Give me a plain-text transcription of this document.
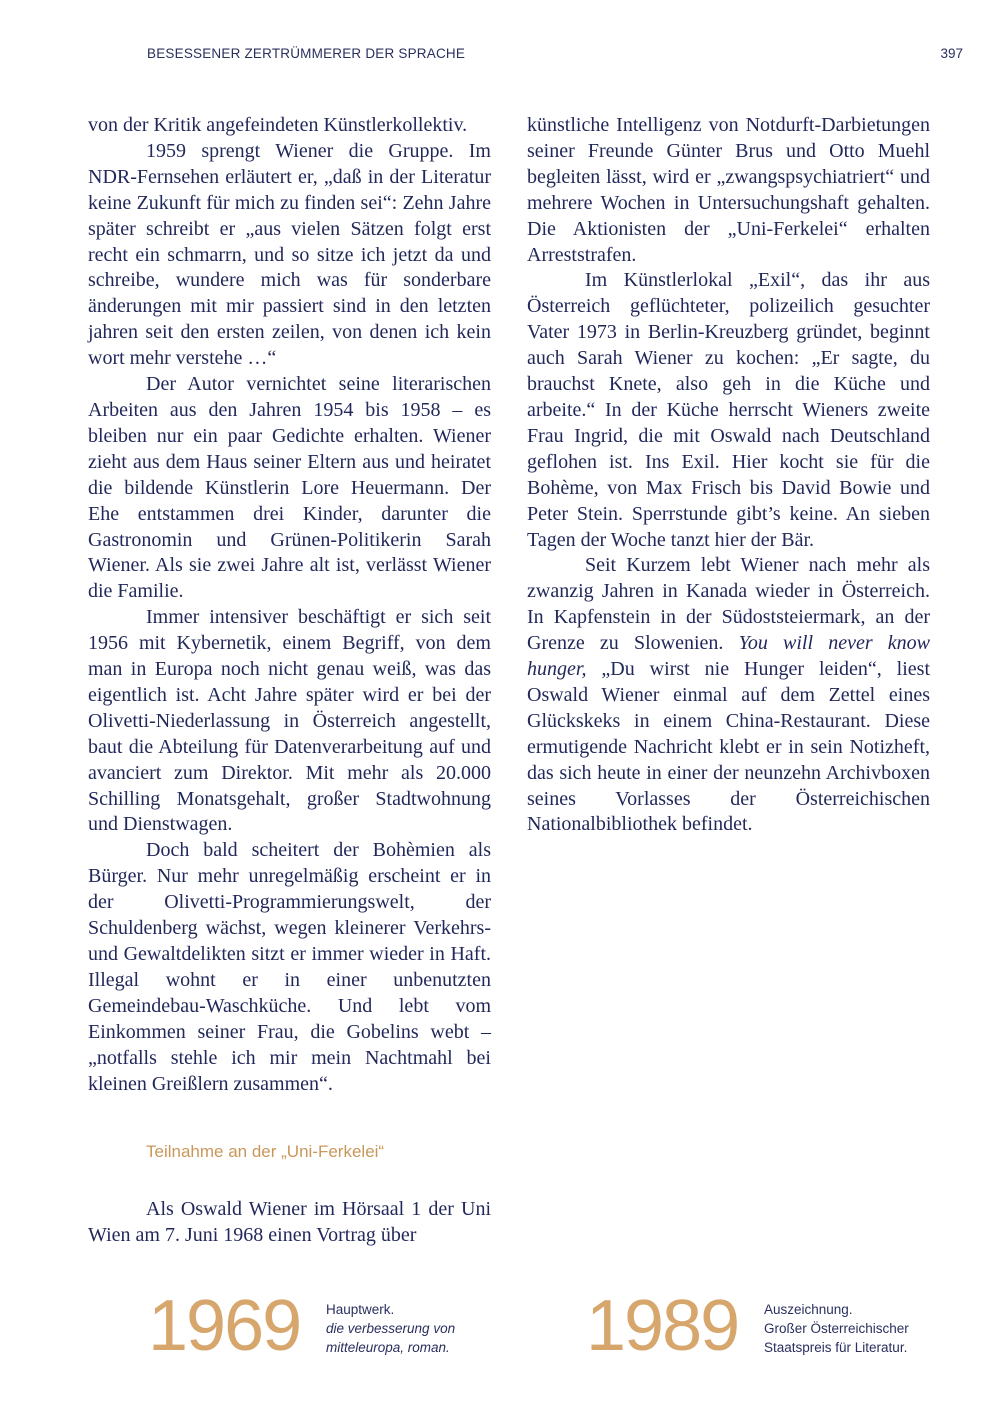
BESESSENER ZERTRÜMMERER DER SPRACHE	397

von der Kritik angefeindeten Künstlerkollektiv.

1959 sprengt Wiener die Gruppe. Im NDR-Fernsehen erläutert er, „daß in der Literatur keine Zukunft für mich zu finden sei“: Zehn Jahre später schreibt er „aus vielen Sätzen folgt erst recht ein schmarrn, und so sitze ich jetzt da und schreibe, wundere mich was für sonderbare änderungen mit mir passiert sind in den letzten jahren seit den ersten zeilen, von denen ich kein wort mehr verstehe …“

Der Autor vernichtet seine literarischen Arbeiten aus den Jahren 1954 bis 1958 – es bleiben nur ein paar Gedichte erhalten. Wiener zieht aus dem Haus seiner Eltern aus und heiratet die bildende Künstlerin Lore Heuermann. Der Ehe entstammen drei Kinder, darunter die Gastronomin und Grünen-Politikerin Sarah Wiener. Als sie zwei Jahre alt ist, verlässt Wiener die Familie.

Immer intensiver beschäftigt er sich seit 1956 mit Kybernetik, einem Begriff, von dem man in Europa noch nicht genau weiß, was das eigentlich ist. Acht Jahre später wird er bei der Olivetti-Niederlassung in Österreich angestellt, baut die Abteilung für Datenverarbeitung auf und avanciert zum Direktor. Mit mehr als 20.000 Schilling Monatsgehalt, großer Stadtwohnung und Dienstwagen.

Doch bald scheitert der Bohèmien als Bürger. Nur mehr unregelmäßig erscheint er in der Olivetti-Programmierungswelt, der Schuldenberg wächst, wegen kleinerer Verkehrs- und Gewaltdelikten sitzt er immer wieder in Haft. Illegal wohnt er in einer unbenutzten Gemeindebau-Waschküche. Und lebt vom Einkommen seiner Frau, die Gobelins webt – „notfalls stehle ich mir mein Nachtmahl bei kleinen Greißlern zusammen“.

Teilnahme an der „Uni-Ferkelei“

Als Oswald Wiener im Hörsaal 1 der Uni Wien am 7. Juni 1968 einen Vortrag über

künstliche Intelligenz von Notdurft-Darbietungen seiner Freunde Günter Brus und Otto Muehl begleiten lässt, wird er „zwangspsychiatriert“ und mehrere Wochen in Untersuchungshaft gehalten. Die Aktionisten der „Uni-Ferkelei“ erhalten Arreststrafen.

Im Künstlerlokal „Exil“, das ihr aus Österreich geflüchteter, polizeilich gesuchter Vater 1973 in Berlin-Kreuzberg gründet, beginnt auch Sarah Wiener zu kochen: „Er sagte, du brauchst Knete, also geh in die Küche und arbeite.“ In der Küche herrscht Wieners zweite Frau Ingrid, die mit Oswald nach Deutschland geflohen ist. Ins Exil. Hier kocht sie für die Bohème, von Max Frisch bis David Bowie und Peter Stein. Sperrstunde gibt’s keine. An sieben Tagen der Woche tanzt hier der Bär.

Seit Kurzem lebt Wiener nach mehr als zwanzig Jahren in Kanada wieder in Österreich. In Kapfenstein in der Südoststeiermark, an der Grenze zu Slowenien. You will never know hunger, „Du wirst nie Hunger leiden“, liest Oswald Wiener einmal auf dem Zettel eines Glückskeks in einem China-Restaurant. Diese ermutigende Nachricht klebt er in sein Notizheft, das sich heute in einer der neunzehn Archivboxen seines Vorlasses der Österreichischen Nationalbibliothek befindet.

1969 Hauptwerk.
die verbesserung von
mitteleuropa, roman.	1989 Auszeichnung.
Großer Österreichischer
Staatspreis für Literatur.
